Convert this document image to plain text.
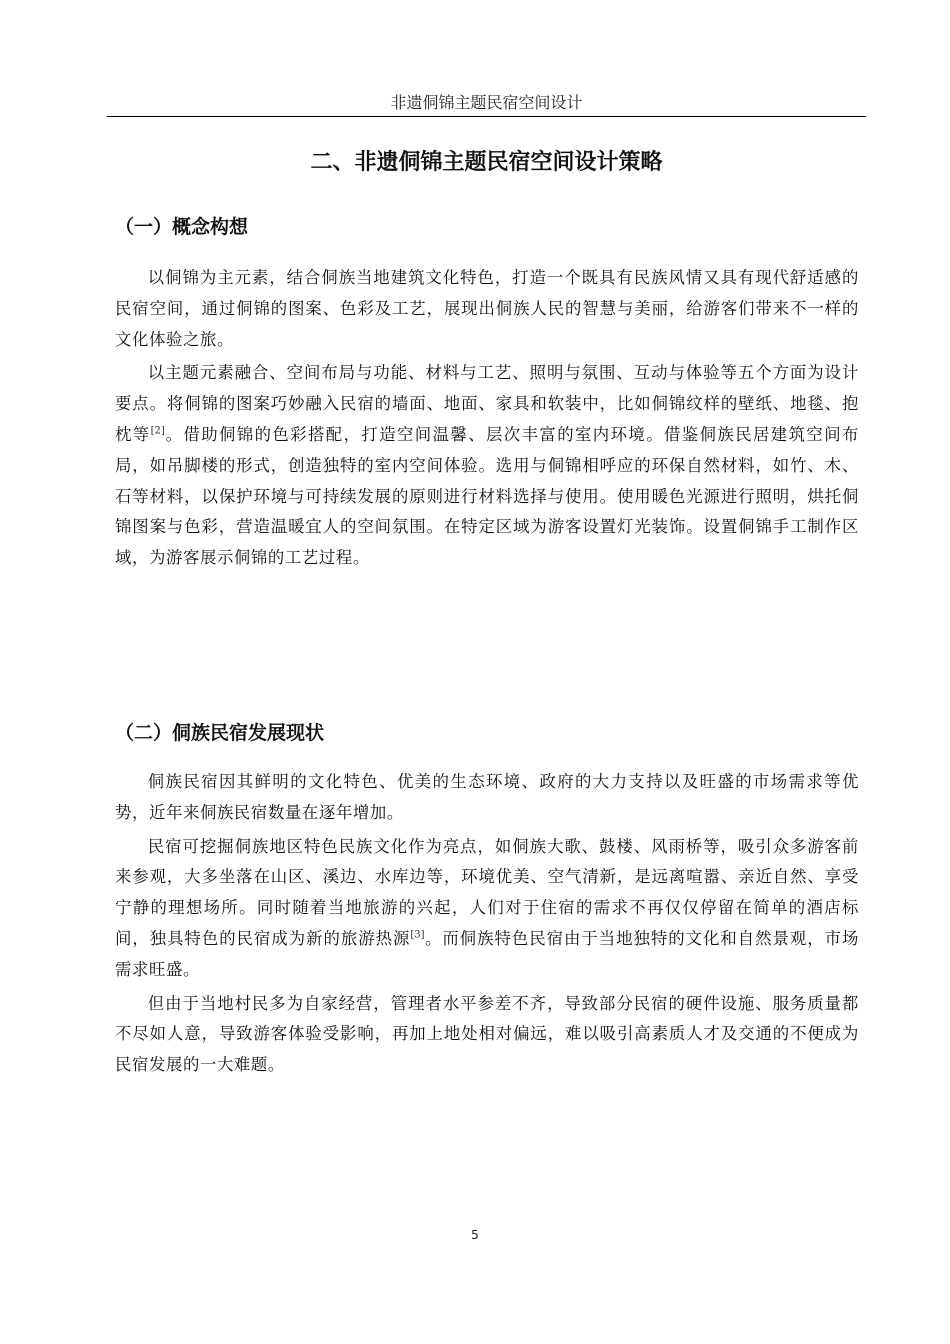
非遗侗锦主题民宿空间设计
二、非遗侗锦主题民宿空间设计策略
（一）概念构想

以侗锦为主元素，结合侗族当地建筑文化特色，打造一个既具有民族风情又具有现代舒适感的民宿空间，通过侗锦的图案、色彩及工艺，展现出侗族人民的智慧与美丽，给游客们带来不一样的文化体验之旅。

以主题元素融合、空间布局与功能、材料与工艺、照明与氛围、互动与体验等五个方面为设计要点。将侗锦的图案巧妙融入民宿的墙面、地面、家具和软装中，比如侗锦纹样的壁纸、地毯、抱枕等[2]。借助侗锦的色彩搭配，打造空间温馨、层次丰富的室内环境。借鉴侗族民居建筑空间布局，如吊脚楼的形式，创造独特的室内空间体验。选用与侗锦相呼应的环保自然材料，如竹、木、石等材料，以保护环境与可持续发展的原则进行材料选择与使用。使用暖色光源进行照明，烘托侗锦图案与色彩，营造温暖宜人的空间氛围。在特定区域为游客设置灯光装饰。设置侗锦手工制作区域，为游客展示侗锦的工艺过程。

（二）侗族民宿发展现状

侗族民宿因其鲜明的文化特色、优美的生态环境、政府的大力支持以及旺盛的市场需求等优势，近年来侗族民宿数量在逐年增加。

民宿可挖掘侗族地区特色民族文化作为亮点，如侗族大歌、鼓楼、风雨桥等，吸引众多游客前来参观，大多坐落在山区、溪边、水库边等，环境优美、空气清新，是远离喧嚣、亲近自然、享受宁静的理想场所。同时随着当地旅游的兴起，人们对于住宿的需求不再仅仅停留在简单的酒店标间，独具特色的民宿成为新的旅游热源[3]。而侗族特色民宿由于当地独特的文化和自然景观，市场需求旺盛。

但由于当地村民多为自家经营，管理者水平参差不齐，导致部分民宿的硬件设施、服务质量都不尽如人意，导致游客体验受影响，再加上地处相对偏远，难以吸引高素质人才及交通的不便成为民宿发展的一大难题。

5
